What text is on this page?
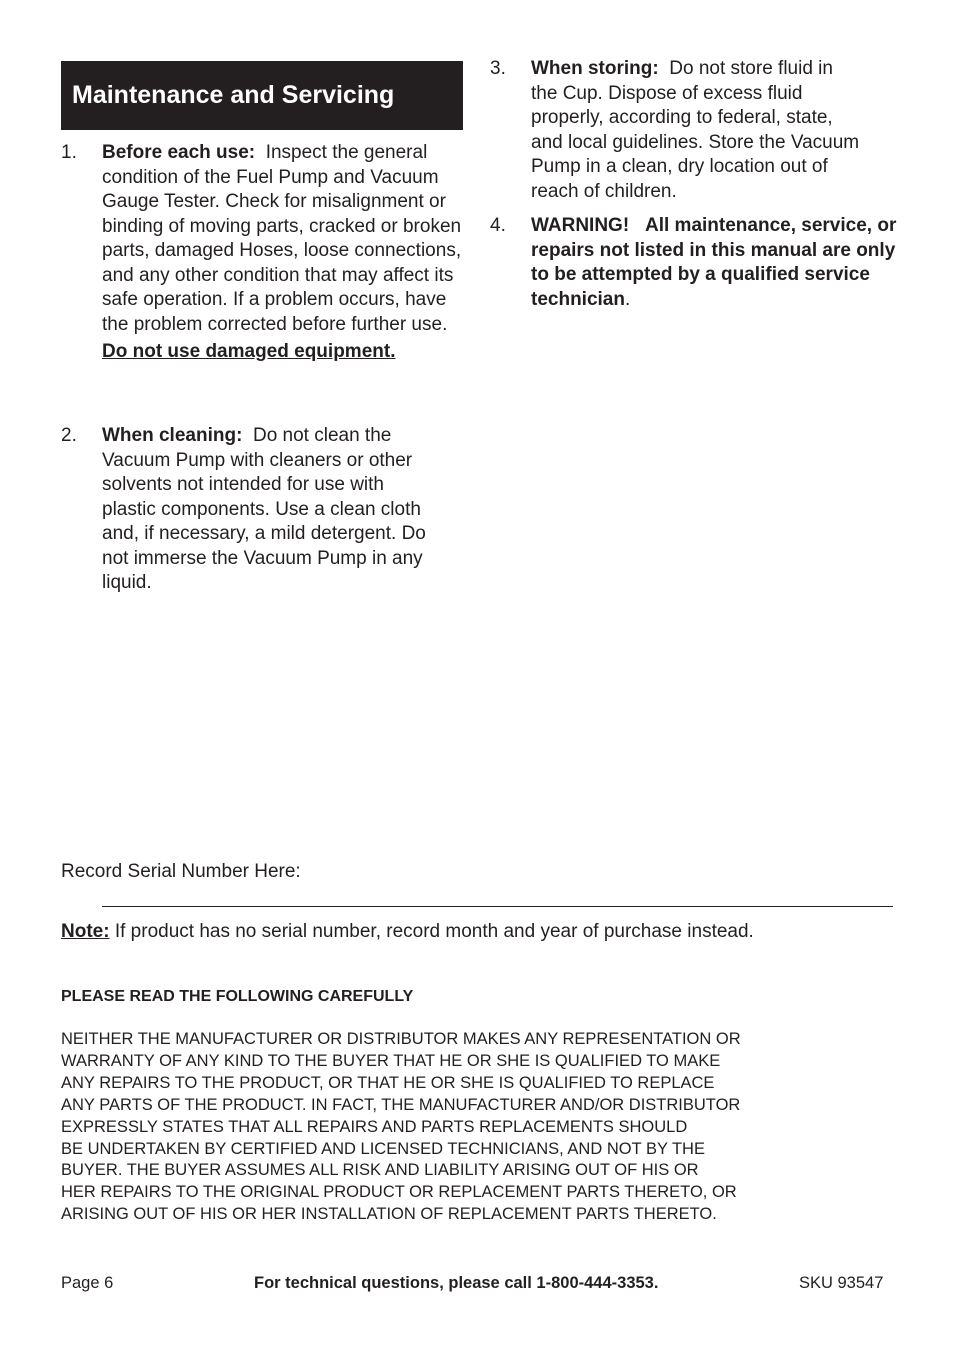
Maintenance and Servicing
1. Before each use: Inspect the general condition of the Fuel Pump and Vacuum Gauge Tester. Check for misalignment or binding of moving parts, cracked or broken parts, damaged Hoses, loose connections, and any other condition that may affect its safe operation. If a problem occurs, have the problem corrected before further use.
Do not use damaged equipment.
2. When cleaning: Do not clean the Vacuum Pump with cleaners or other solvents not intended for use with plastic components. Use a clean cloth and, if necessary, a mild detergent. Do not immerse the Vacuum Pump in any liquid.
3. When storing: Do not store fluid in the Cup. Dispose of excess fluid properly, according to federal, state, and local guidelines. Store the Vacuum Pump in a clean, dry location out of reach of children.
4. WARNING! All maintenance, service, or repairs not listed in this manual are only to be attempted by a qualified service technician.
Record Serial Number Here:
Note: If product has no serial number, record month and year of purchase instead.
PLEASE READ THE FOLLOWING CAREFULLY
NEITHER THE MANUFACTURER OR DISTRIBUTOR MAKES ANY REPRESENTATION OR
WARRANTY OF ANY KIND TO THE BUYER THAT HE OR SHE IS QUALIFIED TO MAKE
ANY REPAIRS TO THE PRODUCT, OR THAT HE OR SHE IS QUALIFIED TO REPLACE
ANY PARTS OF THE PRODUCT. IN FACT, THE MANUFACTURER AND/OR DISTRIBUTOR
EXPRESSLY STATES THAT ALL REPAIRS AND PARTS REPLACEMENTS SHOULD
BE UNDERTAKEN BY CERTIFIED AND LICENSED TECHNICIANS, AND NOT BY THE
BUYER. THE BUYER ASSUMES ALL RISK AND LIABILITY ARISING OUT OF HIS OR
HER REPAIRS TO THE ORIGINAL PRODUCT OR REPLACEMENT PARTS THERETO, OR
ARISING OUT OF HIS OR HER INSTALLATION OF REPLACEMENT PARTS THERETO.
Page 6	For technical questions, please call 1-800-444-3353.	SKU 93547
